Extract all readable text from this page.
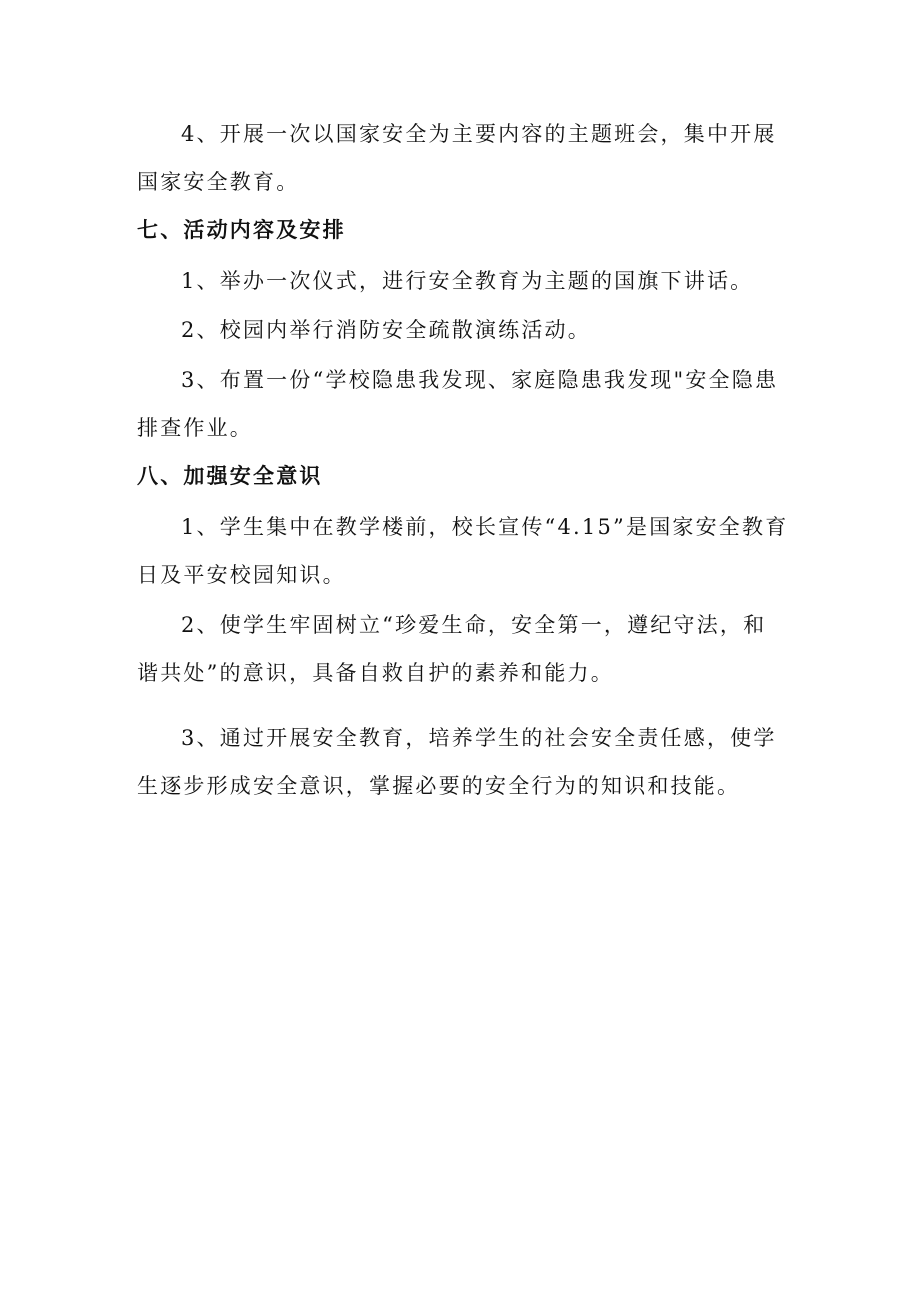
4、开展一次以国家安全为主要内容的主题班会，集中开展国家安全教育。

七、活动内容及安排

1、举办一次仪式，进行安全教育为主题的国旗下讲话。

2、校园内举行消防安全疏散演练活动。

3、布置一份“学校隐患我发现、家庭隐患我发现"安全隐患排查作业。

八、加强安全意识

1、学生集中在教学楼前，校长宣传“4.15”是国家安全教育日及平安校园知识。

2、使学生牢固树立“珍爱生命，安全第一，遵纪守法，和谐共处”的意识，具备自救自护的素养和能力。

3、通过开展安全教育，培养学生的社会安全责任感，使学生逐步形成安全意识，掌握必要的安全行为的知识和技能。
